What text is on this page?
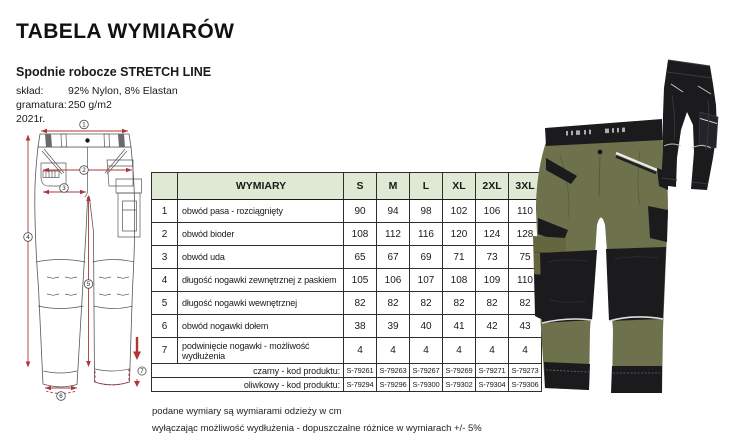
TABELA WYMIARÓW
Spodnie robocze STRETCH LINE
skład:	92% Nylon, 8% Elastan
gramatura: 250 g/m2
2021r.
1
2
3
4
5
6
7
	WYMIARY	S	M	L	XL	2XL	3XL
1	obwód pasa - rozciągnięty	90	94	98	102	106	110
2	obwód bioder	108	112	116	120	124	128
3	obwód uda	65	67	69	71	73	75
4	długość nogawki zewnętrznej z paskiem	105	106	107	108	109	110
5	długość nogawki wewnętrznej	82	82	82	82	82	82
6	obwód nogawki dołem	38	39	40	41	42	43
7	podwinięcie nogawki - możliwość wydłużenia	4	4	4	4	4	4
czarny - kod produktu:		S-79261	S-79263	S-79267	S-79269	S-79271	S-79273
oliwkowy - kod produktu:		S-79294	S-79296	S-79300	S-79302	S-79304	S-79306
podane wymiary są wymiarami odzieży w cm
wyłączając możliwość wydłużenia - dopuszczalne różnice w wymiarach +/- 5%
